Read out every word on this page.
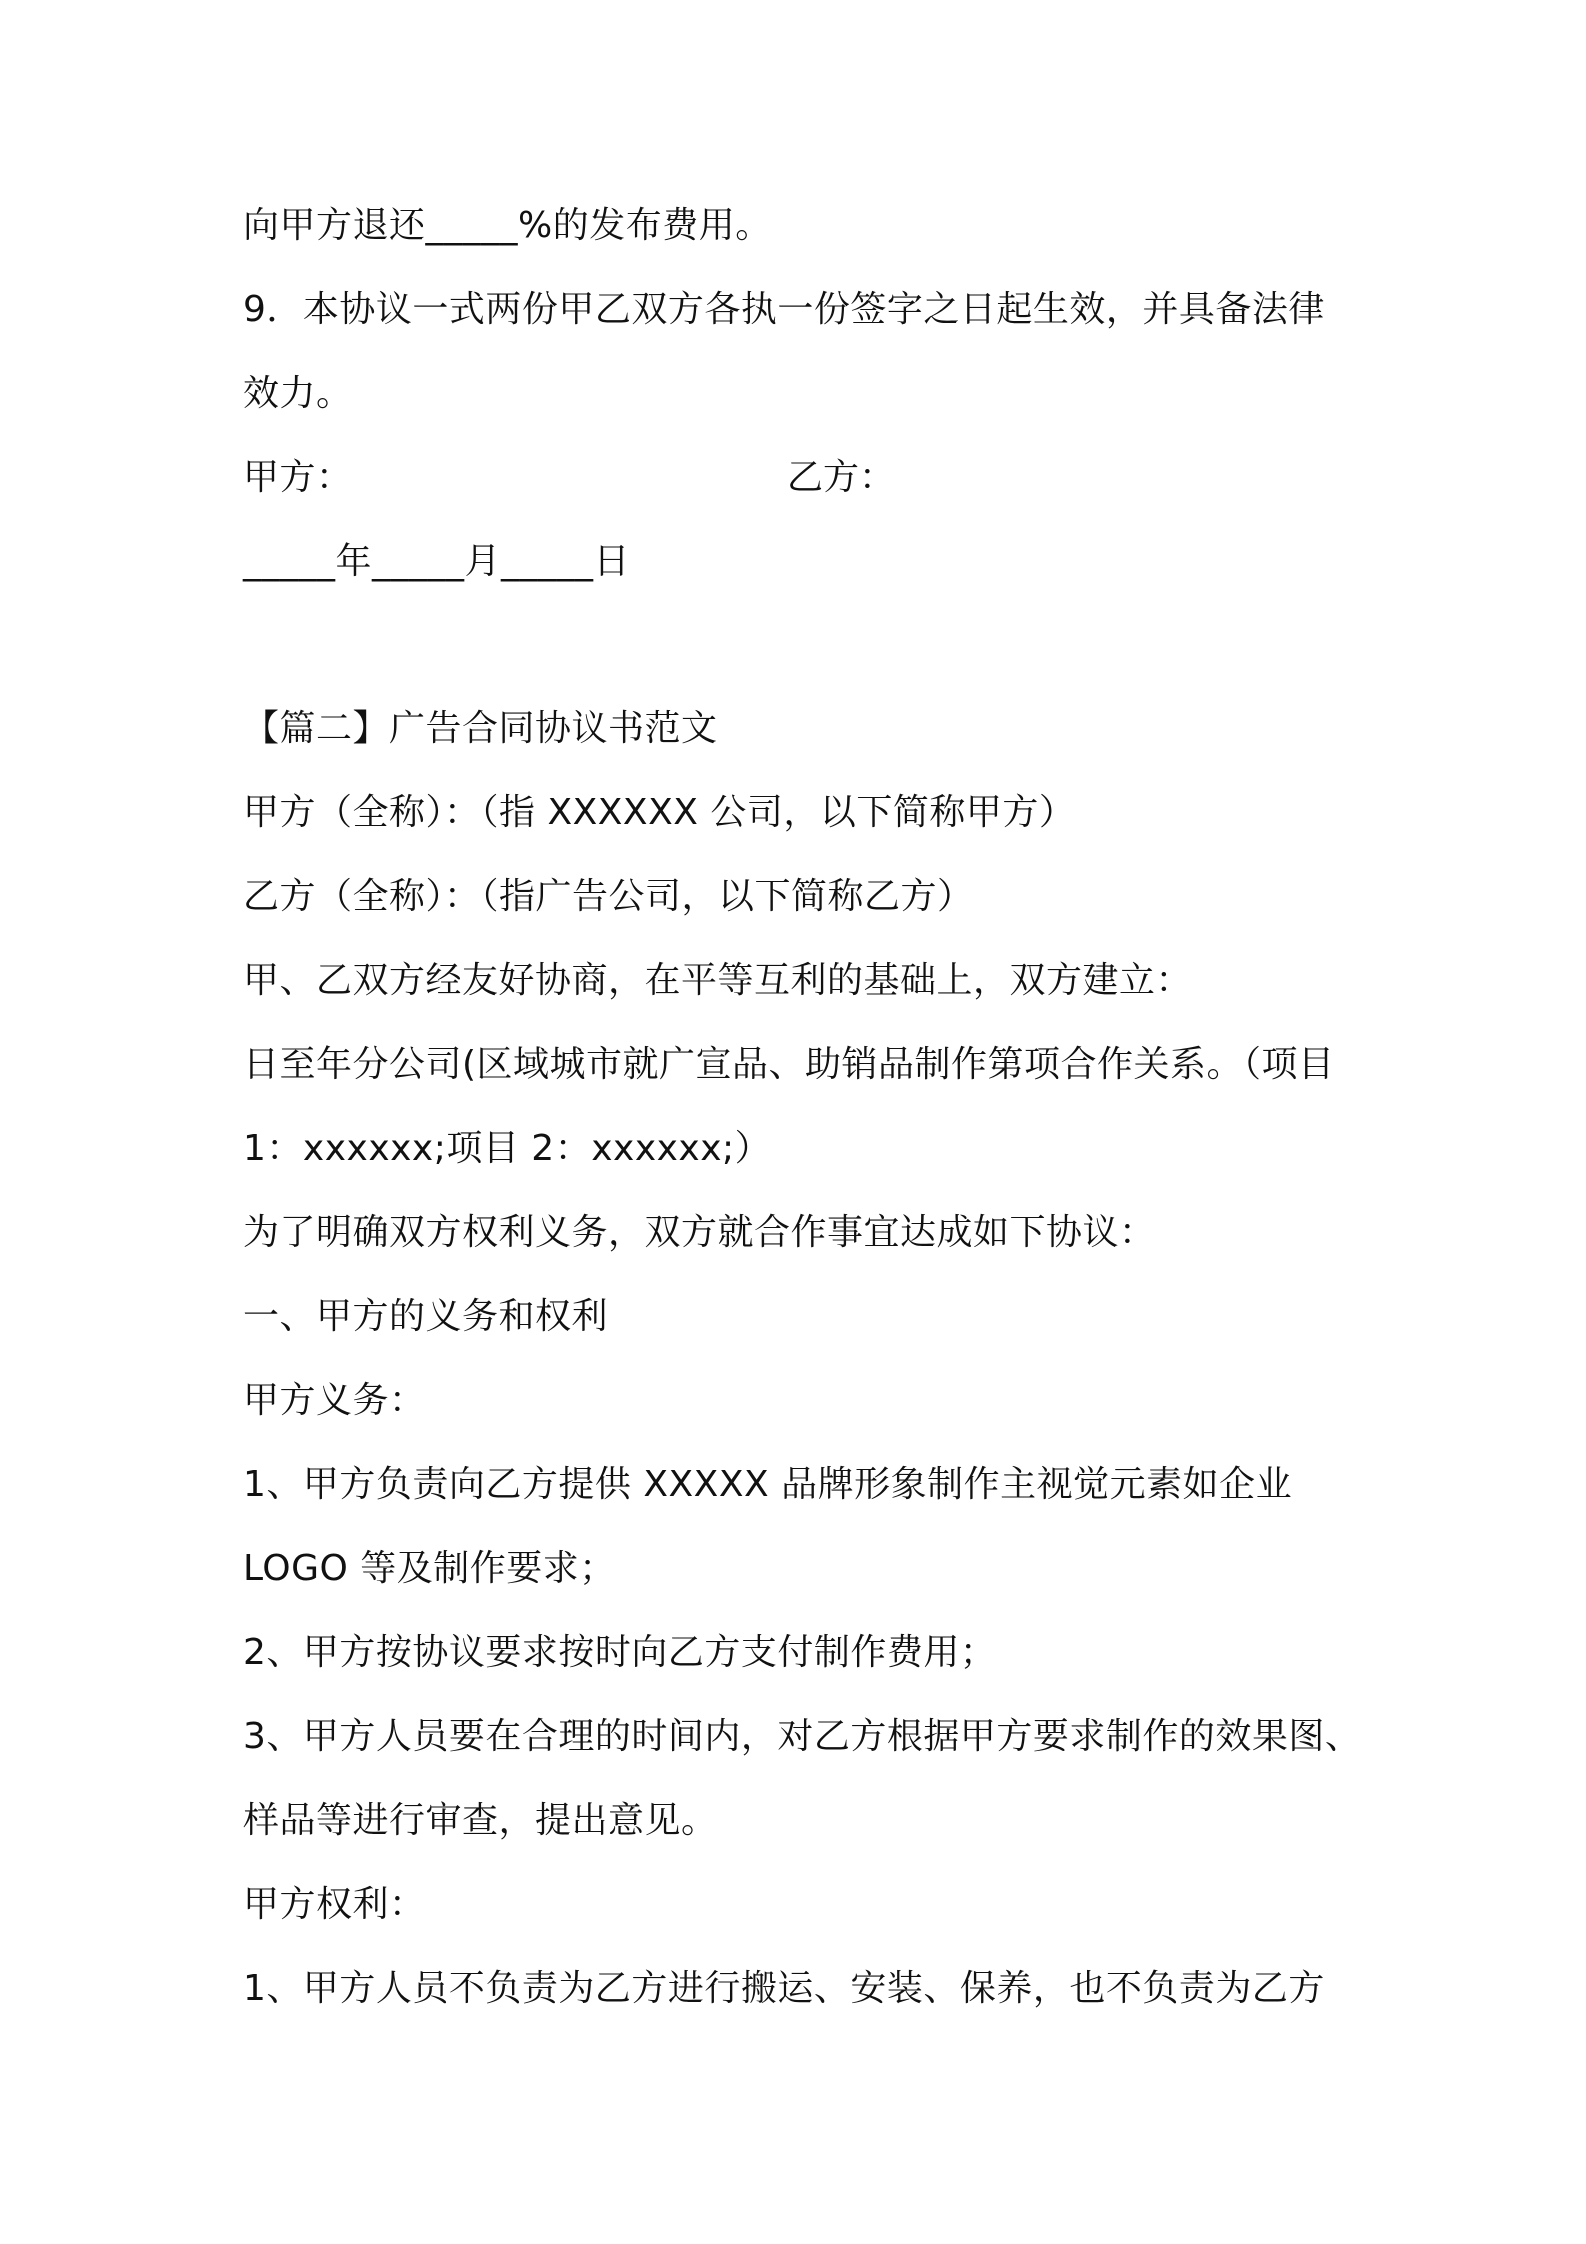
向甲方退还_____%的发布费用。
9．本协议一式两份甲乙双方各执一份签字之日起生效，并具备法律
效力。
甲方：	乙方：
_____年_____月_____日
【篇二】广告合同协议书范文
甲方（全称）：（指 XXXXXX 公司，以下简称甲方）
乙方（全称）：（指广告公司，以下简称乙方）
甲、乙双方经友好协商，在平等互利的基础上，双方建立：
日至年分公司(区域城市就广宣品、助销品制作第项合作关系。（项目
1：xxxxxx;项目 2：xxxxxx;）
为了明确双方权利义务，双方就合作事宜达成如下协议：
一、甲方的义务和权利
甲方义务：
1、甲方负责向乙方提供 XXXXX 品牌形象制作主视觉元素如企业
LOGO 等及制作要求；
2、甲方按协议要求按时向乙方支付制作费用；
3、甲方人员要在合理的时间内，对乙方根据甲方要求制作的效果图、
样品等进行审查，提出意见。
甲方权利：
1、甲方人员不负责为乙方进行搬运、安装、保养，也不负责为乙方
